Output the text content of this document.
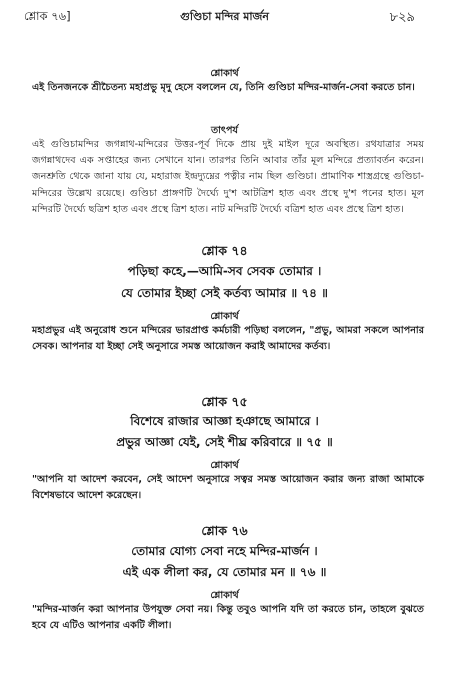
শ্লোক ৭৬]	গুণ্ডিচা মন্দির মার্জন	৮২৯
শ্লোকার্থ

এই তিনজনকে শ্রীচৈতন্য মহাপ্রভু মৃদু হেসে বললেন যে, তিনি গুণ্ডিচা মন্দির-মার্জন-সেবা করতে চান।

তাৎপর্য

এই গুণ্ডিচামন্দির জগন্নাথ-মন্দিরের উত্তর-পূর্ব দিকে প্রায় দুই মাইল দূরে অবস্থিত। রথযাত্রার সময় জগন্নাথদেব এক সপ্তাহের জন্য সেখানে যান। তারপর তিনি আবার তাঁর মূল মন্দিরে প্রত্যাবর্তন করেন। জনশ্রুতি থেকে জানা যায় যে, মহারাজ ইন্দ্রদ্যুম্নের পত্নীর নাম ছিল গুণ্ডিচা। প্রামাণিক শাস্ত্রগ্রন্থে গুণ্ডিচা-মন্দিরের উল্লেখ রয়েছে। গুণ্ডিচা প্রাঙ্গণটি দৈর্ঘ্যে দু'শ আটত্রিশ হাত এবং প্রস্থে দু'শ পনের হাত। মূল মন্দিরটি দৈর্ঘ্যে ছত্রিশ হাত এবং প্রস্থে ত্রিশ হাত। নাট মন্দিরটি দৈর্ঘ্যে বত্রিশ হাত এবং প্রস্থে ত্রিশ হাত।

শ্লোক ৭৪
পড়িছা কহে,—আমি-সব সেবক তোমার ।
যে তোমার ইচ্ছা সেই কর্তব্য আমার ॥ ৭৪ ॥
শ্লোকার্থ

মহাপ্রভুর এই অনুরোধ শুনে মন্দিরের ভারপ্রাপ্ত কর্মচারী পড়িছা বললেন, "প্রভু, আমরা সকলে আপনার সেবক। আপনার যা ইচ্ছা সেই অনুসারে সমস্ত আয়োজন করাই আমাদের কর্তব্য।

শ্লোক ৭৫
বিশেষে রাজার আজ্ঞা হঞাছে আমারে ।
প্রভুর আজ্ঞা যেই, সেই শীঘ্র করিবারে ॥ ৭৫ ॥
শ্লোকার্থ

"আপনি যা আদেশ করবেন, সেই আদেশ অনুসারে সত্বর সমস্ত আয়োজন করার জন্য রাজা আমাকে বিশেষভাবে আদেশ করেছেন।

শ্লোক ৭৬
তোমার যোগ্য সেবা নহে মন্দির-মার্জন ।
এই এক লীলা কর, যে তোমার মন ॥ ৭৬ ॥
শ্লোকার্থ

"মন্দির-মার্জন করা আপনার উপযুক্ত সেবা নয়। কিন্তু তবুও আপনি যদি তা করতে চান, তাহলে বুঝতে হবে যে এটিও আপনার একটি লীলা।
